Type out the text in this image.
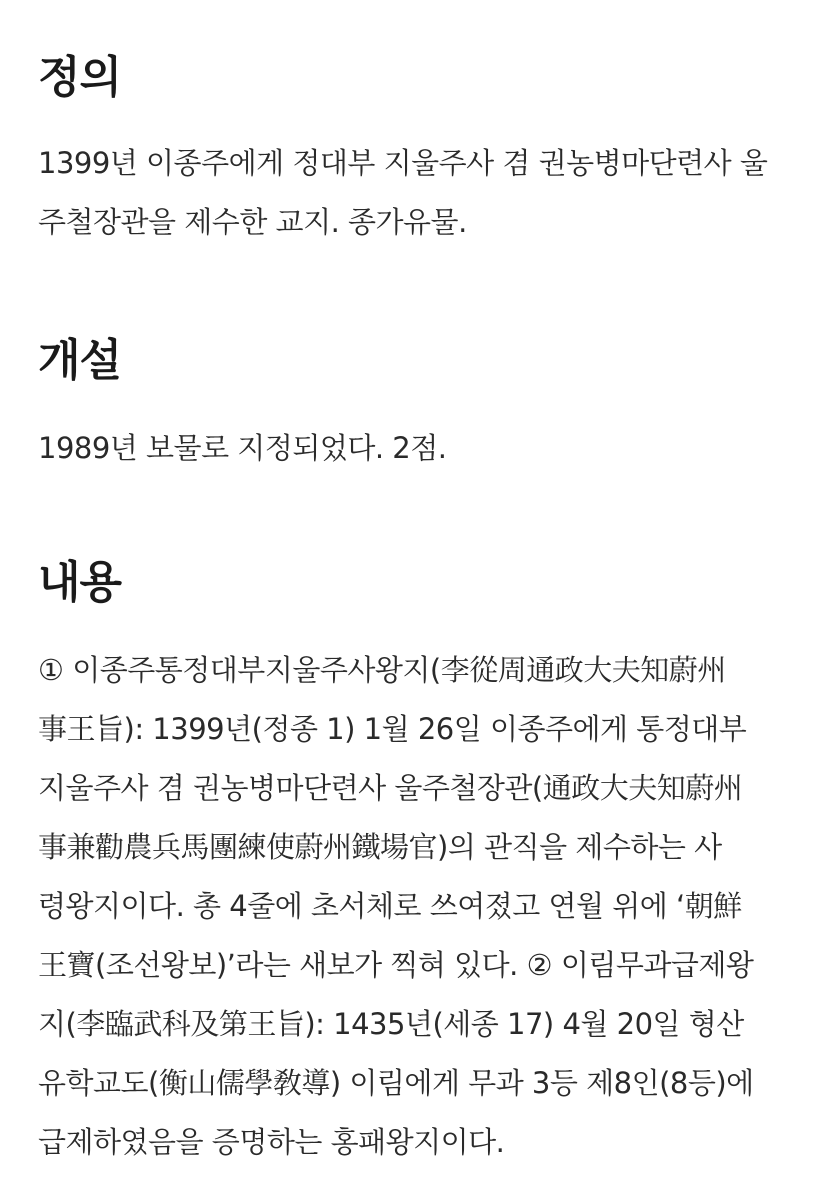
정의

1399년 이종주에게 정대부 지울주사 겸 권농병마단련사 울
주철장관을 제수한 교지. 종가유물.

개설

1989년 보물로 지정되었다. 2점.

내용

① 이종주통정대부지울주사왕지(李從周通政大夫知蔚州
事王旨): 1399년(정종 1) 1월 26일 이종주에게 통정대부
지울주사 겸 권농병마단련사 울주철장관(通政大夫知蔚州
事兼勸農兵馬團練使蔚州鐵場官)의 관직을 제수하는 사
령왕지이다. 총 4줄에 초서체로 쓰여졌고 연월 위에 ‘朝鮮
王寶(조선왕보)’라는 새보가 찍혀 있다. ② 이림무과급제왕
지(李臨武科及第王旨): 1435년(세종 17) 4월 20일 형산
유학교도(衡山儒學敎導) 이림에게 무과 3등 제8인(8등)에
급제하였음을 증명하는 홍패왕지이다.
